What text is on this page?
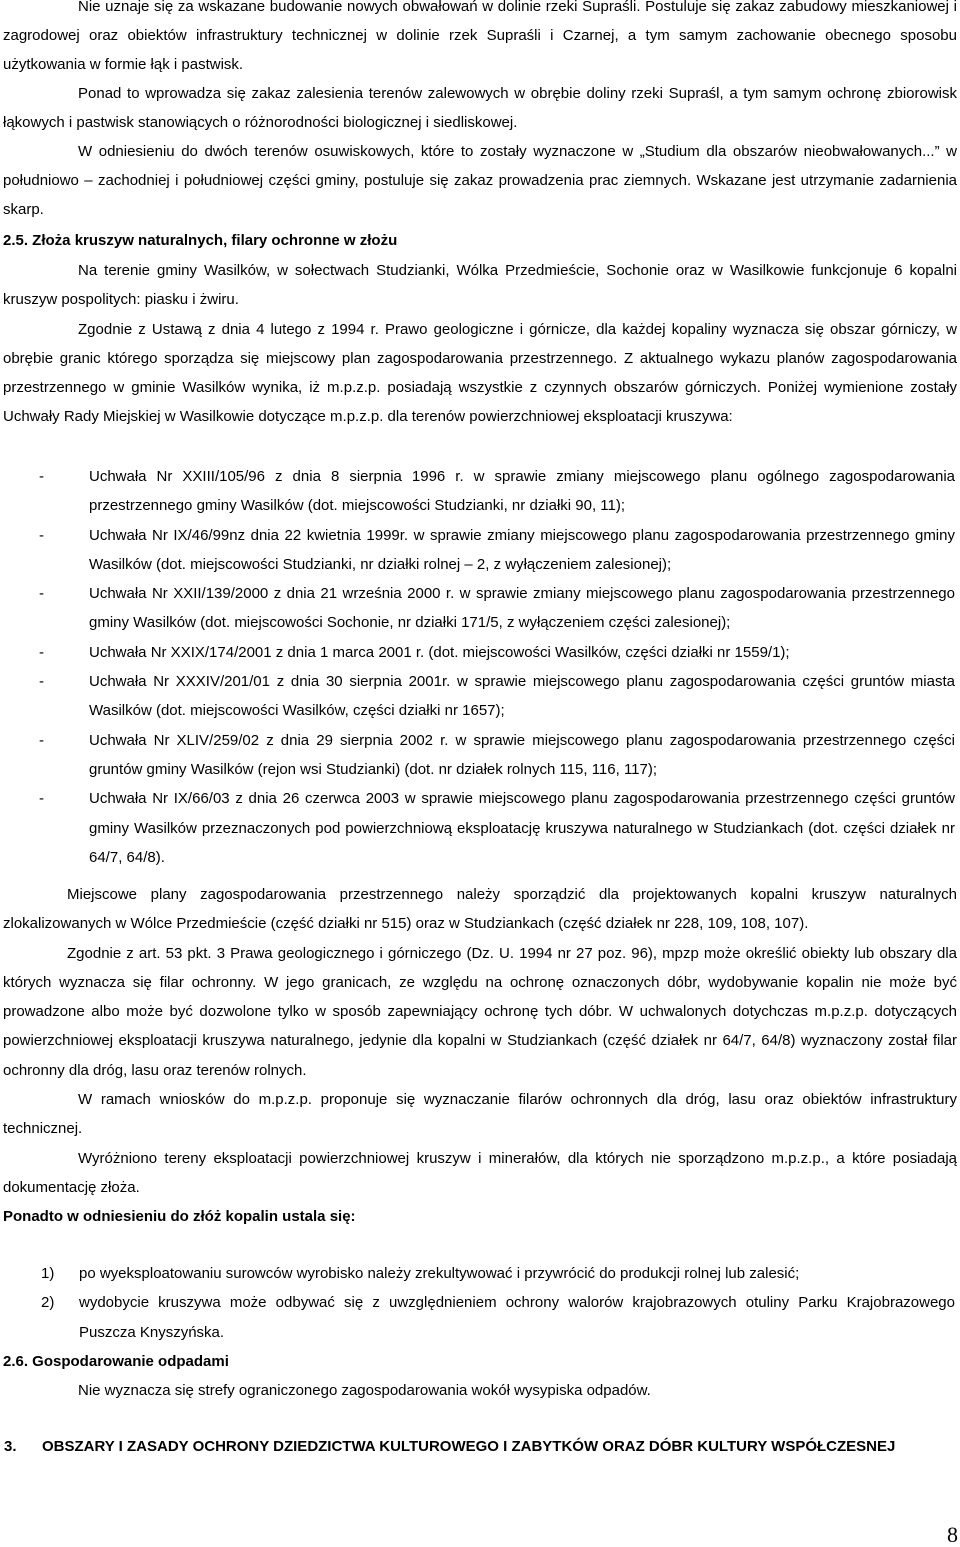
Nie uznaje się za wskazane budowanie nowych obwałowań w dolinie rzeki Supraśli. Postuluje się zakaz zabudowy mieszkaniowej i zagrodowej oraz obiektów infrastruktury technicznej w dolinie rzek Supraśli i Czarnej, a tym samym zachowanie obecnego sposobu użytkowania w formie łąk i pastwisk.

Ponad to wprowadza się zakaz zalesienia terenów zalewowych w obrębie doliny rzeki Supraśl, a tym samym ochronę zbiorowisk łąkowych i pastwisk stanowiących o różnorodności biologicznej i siedliskowej.

W odniesieniu do dwóch terenów osuwiskowych, które to zostały wyznaczone w „Studium dla obszarów nieobwałowanych...” w południowo – zachodniej i południowej części gminy, postuluje się zakaz prowadzenia prac ziemnych. Wskazane jest utrzymanie zadarnienia skarp.

2.5. Złoża kruszyw naturalnych, filary ochronne w złożu

Na terenie gminy Wasilków, w sołectwach Studzianki, Wólka Przedmieście, Sochonie oraz w Wasilkowie funkcjonuje 6 kopalni kruszyw pospolitych: piasku i żwiru.

Zgodnie z Ustawą z dnia 4 lutego z 1994 r. Prawo geologiczne i górnicze, dla każdej kopaliny wyznacza się obszar górniczy, w obrębie granic którego sporządza się miejscowy plan zagospodarowania przestrzennego. Z aktualnego wykazu planów zagospodarowania przestrzennego w gminie Wasilków wynika, iż m.p.z.p. posiadają wszystkie z czynnych obszarów górniczych. Poniżej wymienione zostały Uchwały Rady Miejskiej w Wasilkowie dotyczące m.p.z.p. dla terenów powierzchniowej eksploatacji kruszywa:

-	Uchwała Nr XXIII/105/96 z dnia 8 sierpnia 1996 r. w sprawie zmiany miejscowego planu ogólnego zagospodarowania przestrzennego gminy Wasilków (dot. miejscowości Studzianki, nr działki 90, 11);
-	Uchwała Nr IX/46/99nz dnia 22 kwietnia 1999r. w sprawie zmiany miejscowego planu zagospodarowania przestrzennego gminy Wasilków (dot. miejscowości Studzianki, nr działki rolnej – 2, z wyłączeniem zalesionej);
-	Uchwała Nr XXII/139/2000 z dnia 21 września 2000 r. w sprawie zmiany miejscowego planu zagospodarowania przestrzennego gminy Wasilków (dot. miejscowości Sochonie, nr działki 171/5, z wyłączeniem części zalesionej);
-	Uchwała Nr XXIX/174/2001 z dnia 1 marca 2001 r. (dot. miejscowości Wasilków, części działki nr 1559/1);
-	Uchwała Nr XXXIV/201/01 z dnia 30 sierpnia 2001r. w sprawie miejscowego planu zagospodarowania części gruntów miasta Wasilków (dot. miejscowości Wasilków, części działki nr 1657);
-	Uchwała Nr XLIV/259/02 z dnia 29 sierpnia 2002 r. w sprawie miejscowego planu zagospodarowania przestrzennego części gruntów gminy Wasilków (rejon wsi Studzianki) (dot. nr działek rolnych 115, 116, 117);
-	Uchwała Nr IX/66/03 z dnia 26 czerwca 2003 w sprawie miejscowego planu zagospodarowania przestrzennego części gruntów gminy Wasilków przeznaczonych pod powierzchniową eksploatację kruszywa naturalnego w Studziankach (dot. części działek nr 64/7, 64/8).

Miejscowe plany zagospodarowania przestrzennego należy sporządzić dla projektowanych kopalni kruszyw naturalnych zlokalizowanych w Wólce Przedmieście (część działki nr 515) oraz w Studziankach (część działek nr 228, 109, 108, 107).

Zgodnie z art. 53 pkt. 3 Prawa geologicznego i górniczego (Dz. U. 1994 nr 27 poz. 96), mpzp może określić obiekty lub obszary dla których wyznacza się filar ochronny. W jego granicach, ze względu na ochronę oznaczonych dóbr, wydobywanie kopalin nie może być prowadzone albo może być dozwolone tylko w sposób zapewniający ochronę tych dóbr. W uchwalonych dotychczas m.p.z.p. dotyczących powierzchniowej eksploatacji kruszywa naturalnego, jedynie dla kopalni w Studziankach (część działek nr 64/7, 64/8) wyznaczony został filar ochronny dla dróg, lasu oraz terenów rolnych.

W ramach wniosków do m.p.z.p. proponuje się wyznaczanie filarów ochronnych dla dróg, lasu oraz obiektów infrastruktury technicznej.

Wyróżniono tereny eksploatacji powierzchniowej kruszyw i minerałów, dla których nie sporządzono m.p.z.p., a które posiadają dokumentację złoża.

Ponadto w odniesieniu do złóż kopalin ustala się:

1) po wyeksploatowaniu surowców wyrobisko należy zrekultywować i przywrócić do produkcji rolnej lub zalesić;
2) wydobycie kruszywa może odbywać się z uwzględnieniem ochrony walorów krajobrazowych otuliny Parku Krajobrazowego Puszcza Knyszyńska.

2.6. Gospodarowanie odpadami

Nie wyznacza się strefy ograniczonego zagospodarowania wokół wysypiska odpadów.

3. OBSZARY I ZASADY OCHRONY DZIEDZICTWA KULTUROWEGO I ZABYTKÓW ORAZ DÓBR KULTURY WSPÓŁCZESNEJ
8
